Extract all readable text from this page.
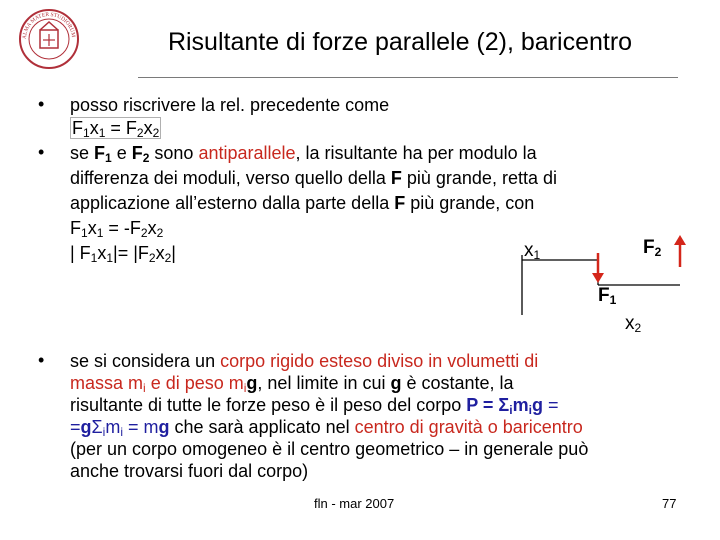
ALMA MATER STUDIORUM	Risultante di forze parallele (2), baricentro
• posso riscrivere la rel. precedente come
$F_1x_1 = F_2x_2$
• se $F_1$ e $F_2$ sono antiparallele, la risultante ha per modulo la
differenza dei moduli, verso quello della F più grande, retta di
applicazione all’esterno dalla parte della F più grande, con
$F_1x_1 = -F_2x_2$
| $F_1x_1|= |F_2x_2|$	$x_1$	$F_2$
$F_1$
$x_2$
• se si considera un corpo rigido esteso diviso in volumetti di
massa $m_i$ e di peso $m_ig$, nel limite in cui g è costante, la
risultante di tutte le forze peso è il peso del corpo $P = \Sigma_im_ig$ =
$=g\Sigma_im_i$ = mg che sarà applicato nel centro di gravità o baricentro
(per un corpo omogeneo è il centro geometrico – in generale può
anche trovarsi fuori dal corpo)
fln - mar 2007	77
